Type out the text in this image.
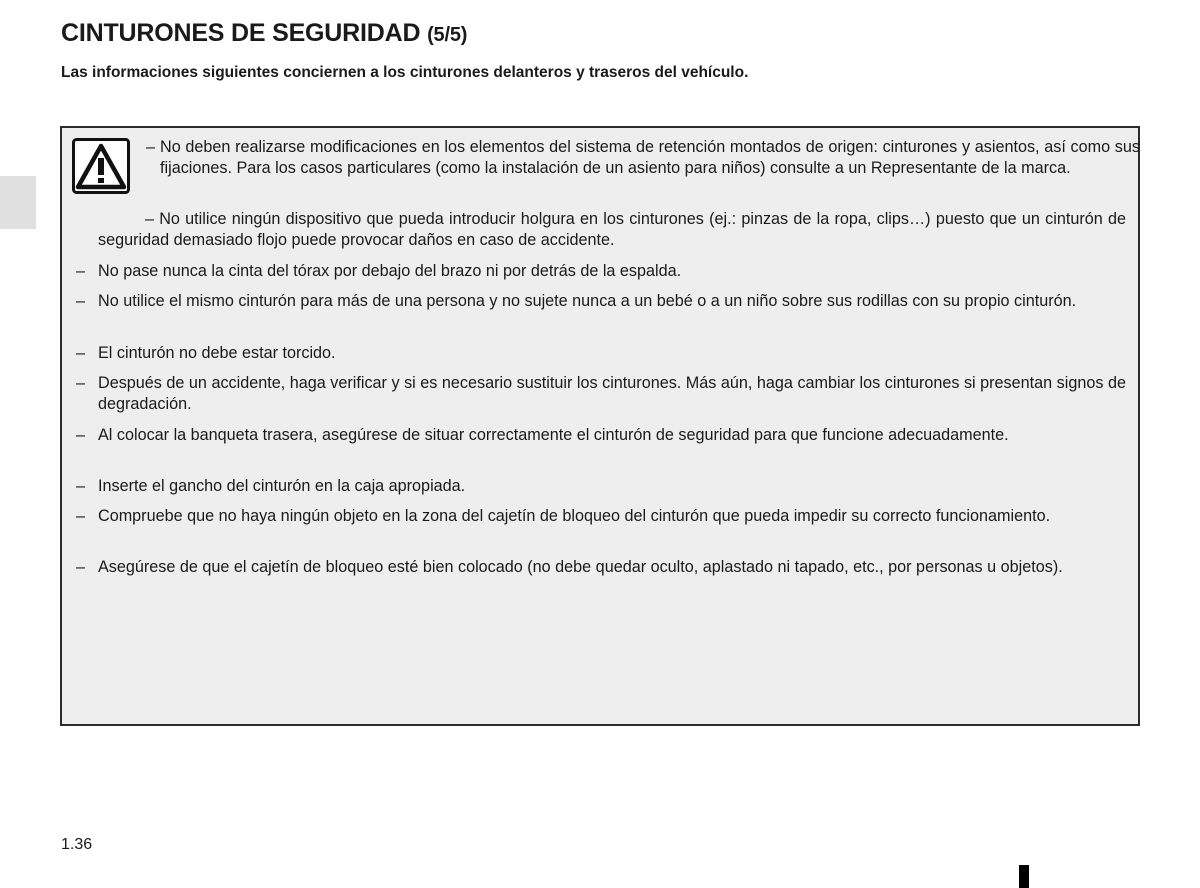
CINTURONES DE SEGURIDAD (5/5)

Las informaciones siguientes conciernen a los cinturones delanteros y traseros del vehículo.

– No deben realizarse modificaciones en los elementos del sistema de retención montados de origen: cinturones y asientos, así como sus fijaciones. Para los casos particulares (como la instalación de un asiento para niños) consulte a un Representante de la marca.

– No utilice ningún dispositivo que pueda introducir holgura en los cinturones (ej.: pinzas de la ropa, clips…) puesto que un cinturón de seguridad demasiado flojo puede provocar daños en caso de accidente.

– No pase nunca la cinta del tórax por debajo del brazo ni por detrás de la espalda.

– No utilice el mismo cinturón para más de una persona y no sujete nunca a un bebé o a un niño sobre sus rodillas con su propio cinturón.

– El cinturón no debe estar torcido.

– Después de un accidente, haga verificar y si es necesario sustituir los cinturones. Más aún, haga cambiar los cinturones si presentan signos de degradación.

– Al colocar la banqueta trasera, asegúrese de situar correctamente el cinturón de seguridad para que funcione adecuadamente.

– Inserte el gancho del cinturón en la caja apropiada.

– Compruebe que no haya ningún objeto en la zona del cajetín de bloqueo del cinturón que pueda impedir su correcto funcionamiento.

– Asegúrese de que el cajetín de bloqueo esté bien colocado (no debe quedar oculto, aplastado ni tapado, etc., por personas u objetos).

1.36
